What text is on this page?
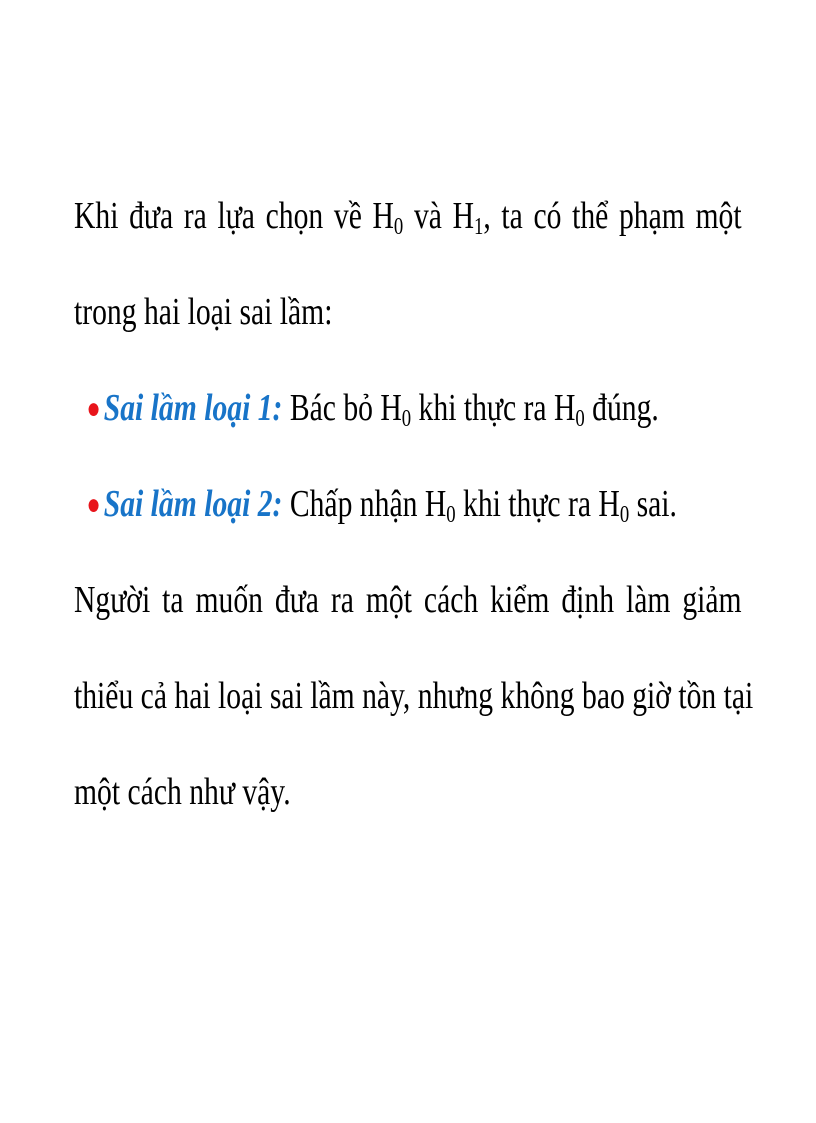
Khi đưa ra lựa chọn về $H_0$ và $H_1$, ta có thể phạm một
trong hai loại sai lầm:
●Sai lầm loại 1: Bác bỏ $H_0$ khi thực ra $H_0$ đúng.
●Sai lầm loại 2: Chấp nhận $H_0$ khi thực ra $H_0$ sai.
Người ta muốn đưa ra một cách kiểm định làm giảm
thiểu cả hai loại sai lầm này, nhưng không bao giờ tồn tại
một cách như vậy.
